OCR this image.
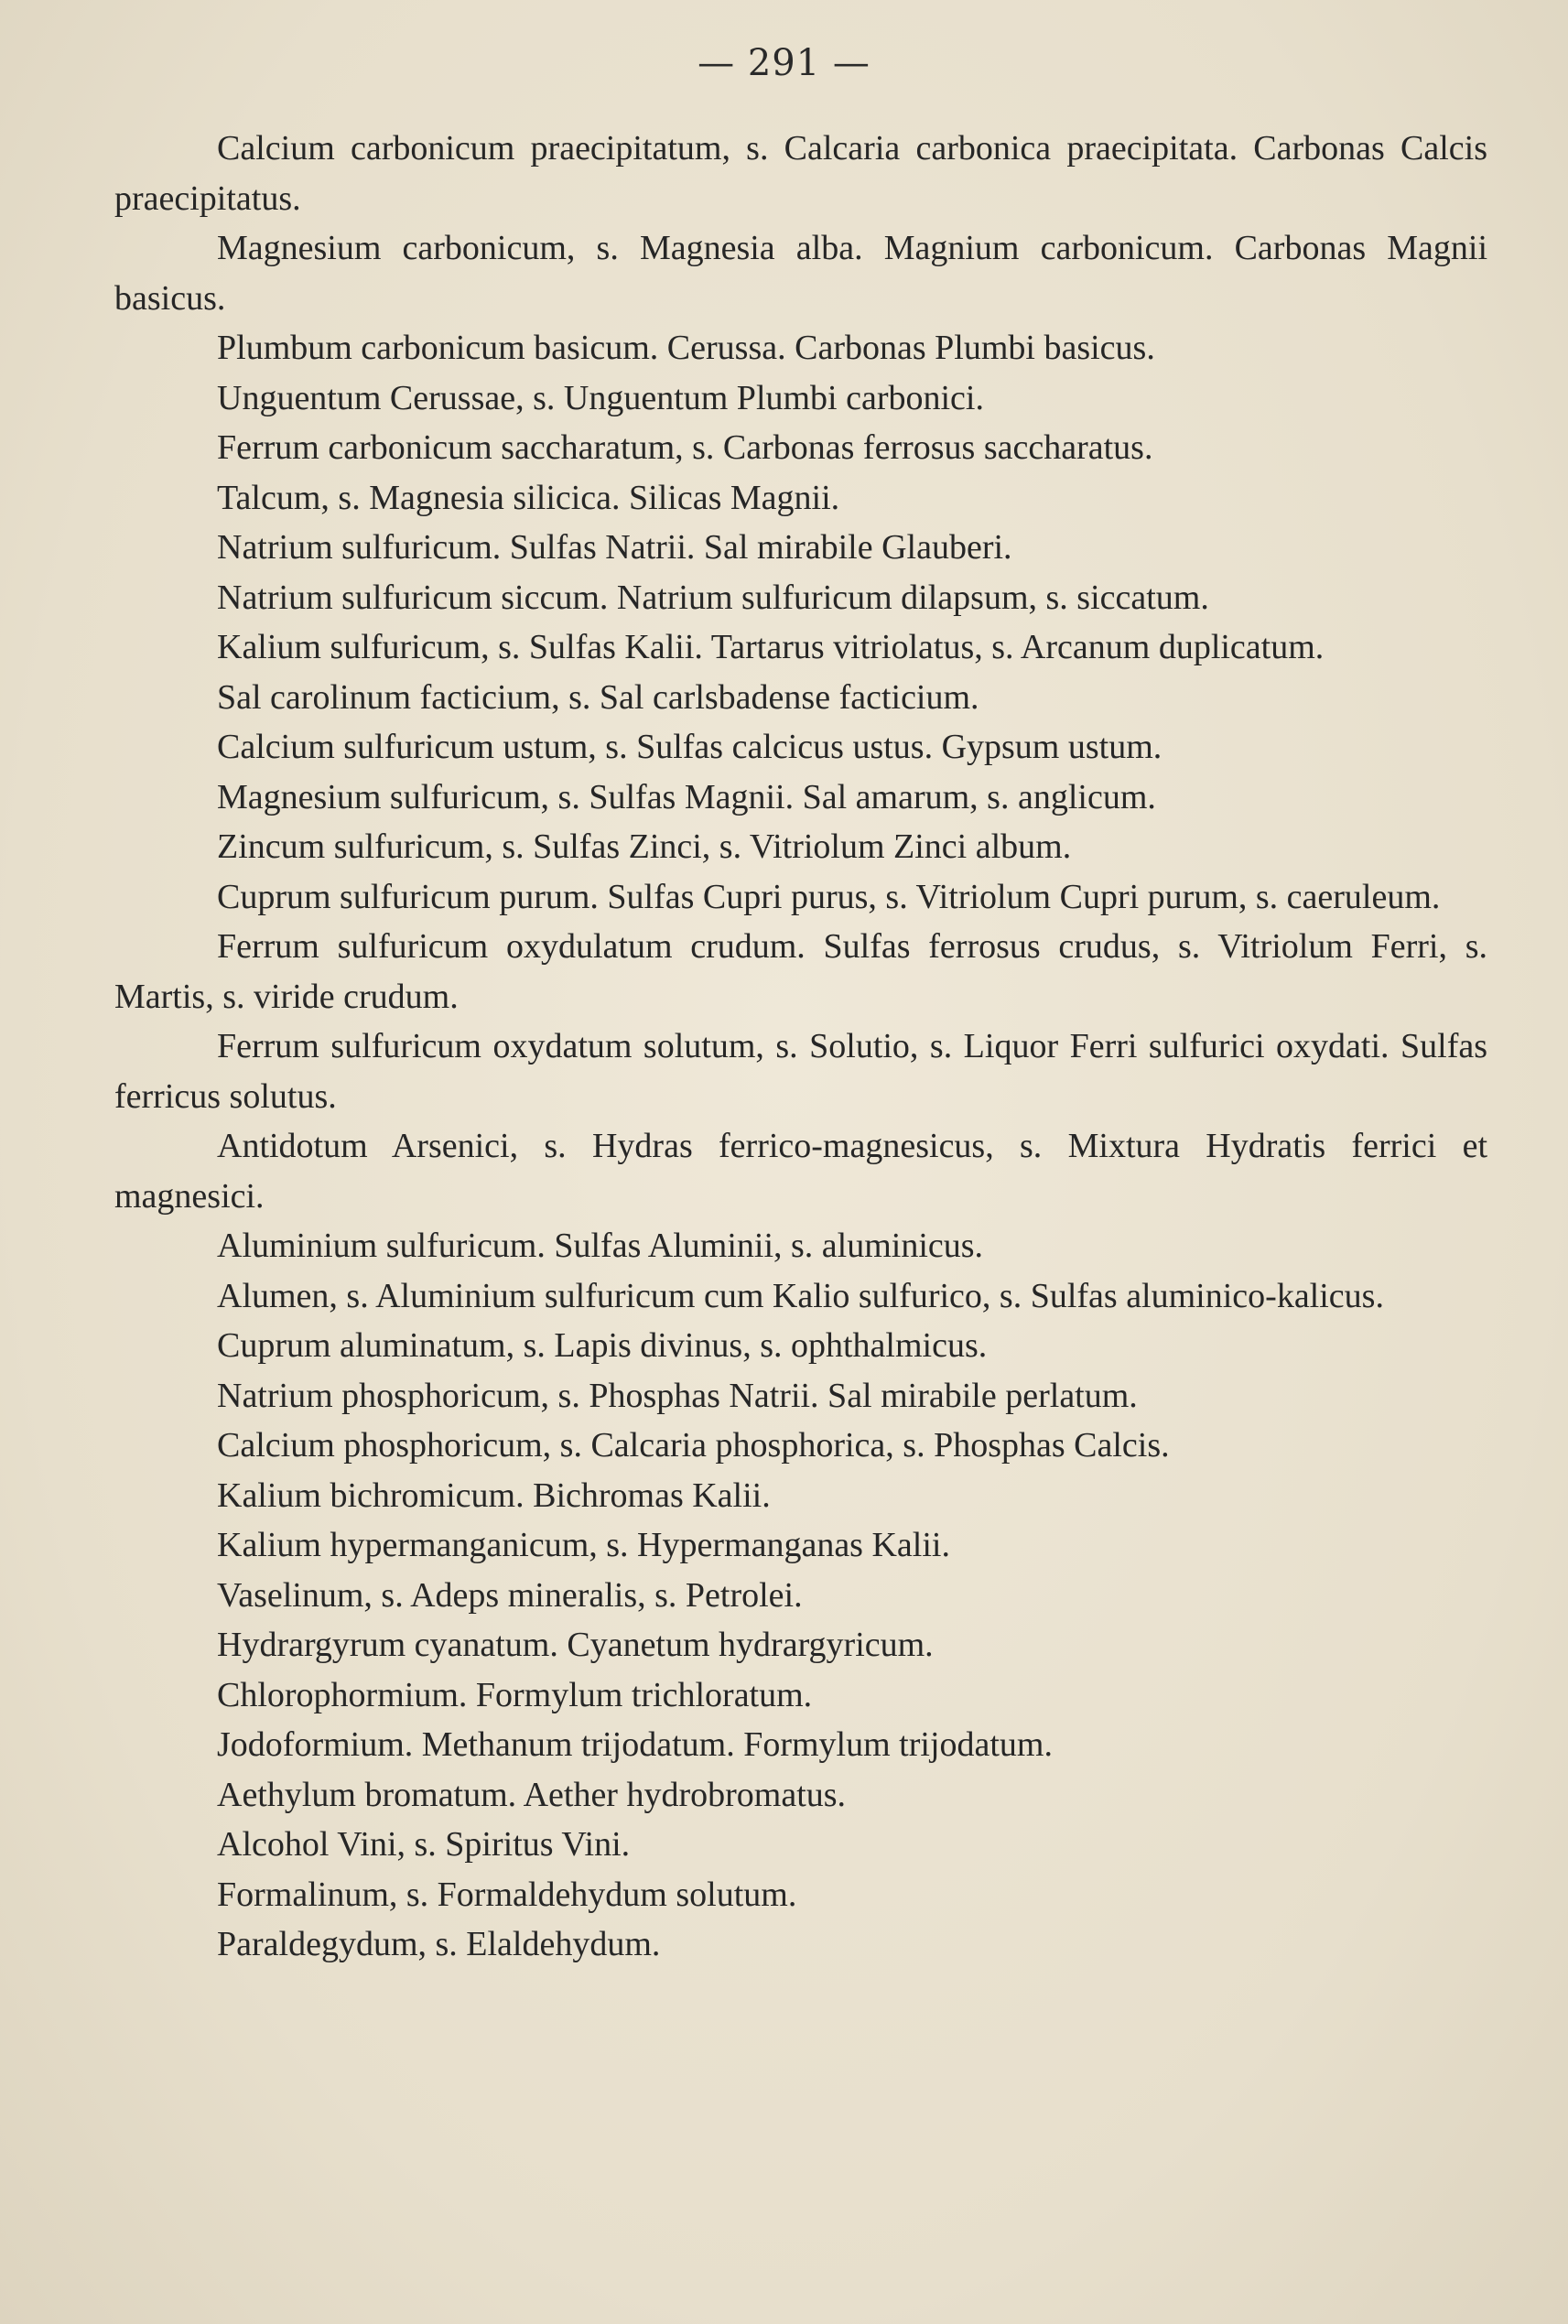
— 291 —

Calcium carbonicum praecipitatum, s. Calcaria carbonica praecipitata. Carbonas Calcis praecipitatus.

Magnesium carbonicum, s. Magnesia alba. Magnium carbonicum. Carbonas Magnii basicus.

Plumbum carbonicum basicum. Cerussa. Carbonas Plumbi basicus.

Unguentum Cerussae, s. Unguentum Plumbi carbonici.

Ferrum carbonicum saccharatum, s. Carbonas ferrosus saccharatus.

Talcum, s. Magnesia silicica. Silicas Magnii.

Natrium sulfuricum. Sulfas Natrii. Sal mirabile Glauberi.

Natrium sulfuricum siccum. Natrium sulfuricum dilapsum, s. siccatum.

Kalium sulfuricum, s. Sulfas Kalii. Tartarus vitriolatus, s. Arcanum duplicatum.

Sal carolinum facticium, s. Sal carlsbadense facticium.

Calcium sulfuricum ustum, s. Sulfas calcicus ustus. Gypsum ustum.

Magnesium sulfuricum, s. Sulfas Magnii. Sal amarum, s. anglicum.

Zincum sulfuricum, s. Sulfas Zinci, s. Vitriolum Zinci album.

Cuprum sulfuricum purum. Sulfas Cupri purus, s. Vitriolum Cupri purum, s. caeruleum.

Ferrum sulfuricum oxydulatum crudum. Sulfas ferrosus crudus, s. Vitriolum Ferri, s. Martis, s. viride crudum.

Ferrum sulfuricum oxydatum solutum, s. Solutio, s. Liquor Ferri sulfurici oxydati. Sulfas ferricus solutus.

Antidotum Arsenici, s. Hydras ferrico-magnesicus, s. Mixtura Hydratis ferrici et magnesici.

Aluminium sulfuricum. Sulfas Aluminii, s. aluminicus.

Alumen, s. Aluminium sulfuricum cum Kalio sulfurico, s. Sulfas aluminico-kalicus.

Cuprum aluminatum, s. Lapis divinus, s. ophthalmicus.

Natrium phosphoricum, s. Phosphas Natrii. Sal mirabile perlatum.

Calcium phosphoricum, s. Calcaria phosphorica, s. Phosphas Calcis.

Kalium bichromicum. Bichromas Kalii.

Kalium hypermanganicum, s. Hypermanganas Kalii.

Vaselinum, s. Adeps mineralis, s. Petrolei.

Hydrargyrum cyanatum. Cyanetum hydrargyricum.

Chlorophormium. Formylum trichloratum.

Jodoformium. Methanum trijodatum. Formylum trijodatum.

Aethylum bromatum. Aether hydrobromatus.

Alcohol Vini, s. Spiritus Vini.

Formalinum, s. Formaldehydum solutum.

Paraldegydum, s. Elaldehydum.
